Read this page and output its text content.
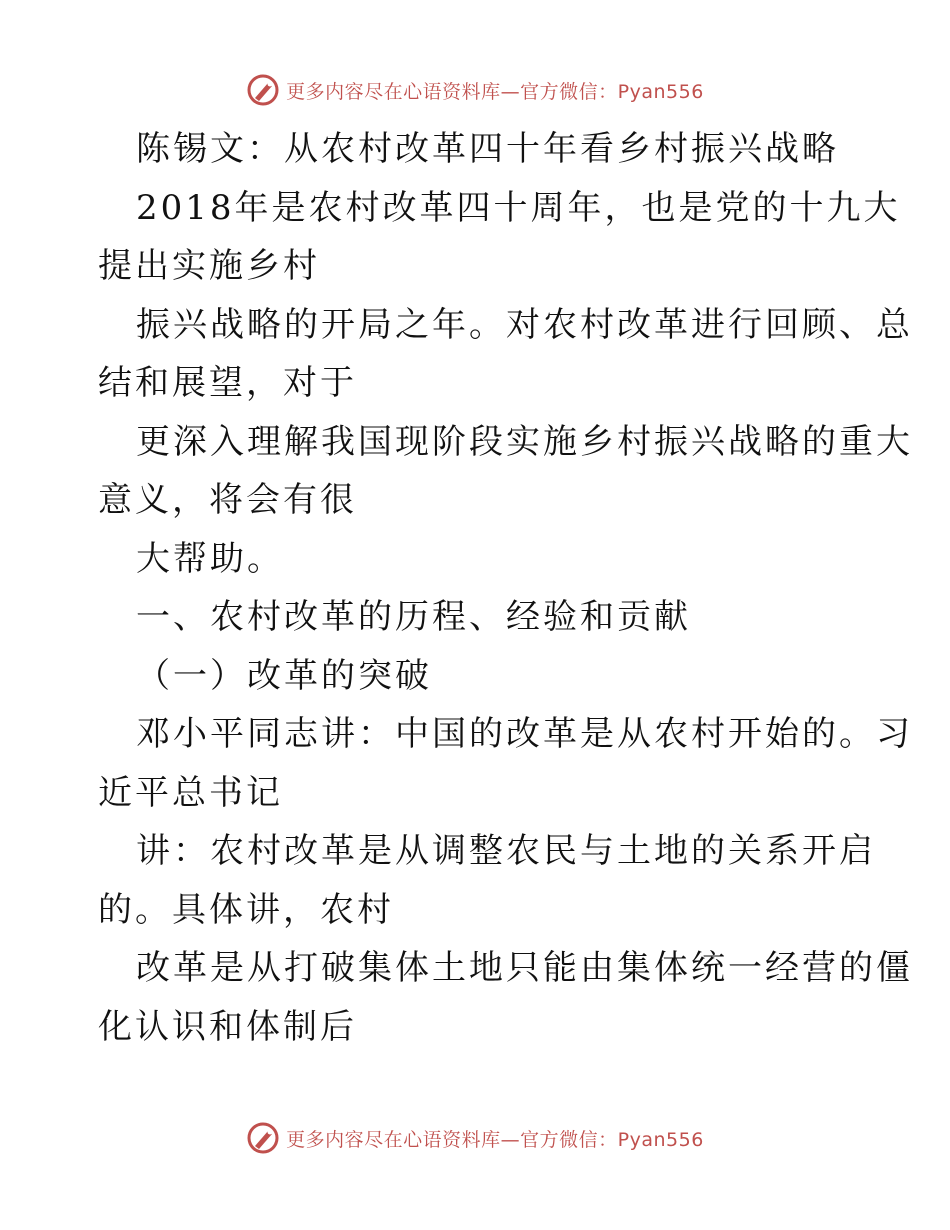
更多内容尽在心语资料库—官方微信：Pyan556
陈锡文：从农村改革四十年看乡村振兴战略
2018年是农村改革四十周年，也是党的十九大
提出实施乡村
振兴战略的开局之年。对农村改革进行回顾、总
结和展望，对于
更深入理解我国现阶段实施乡村振兴战略的重大
意义，将会有很
大帮助。
一、农村改革的历程、经验和贡献
（一）改革的突破
邓小平同志讲：中国的改革是从农村开始的。习
近平总书记
讲：农村改革是从调整农民与土地的关系开启
的。具体讲，农村
改革是从打破集体土地只能由集体统一经营的僵
化认识和体制后
更多内容尽在心语资料库—官方微信：Pyan556
